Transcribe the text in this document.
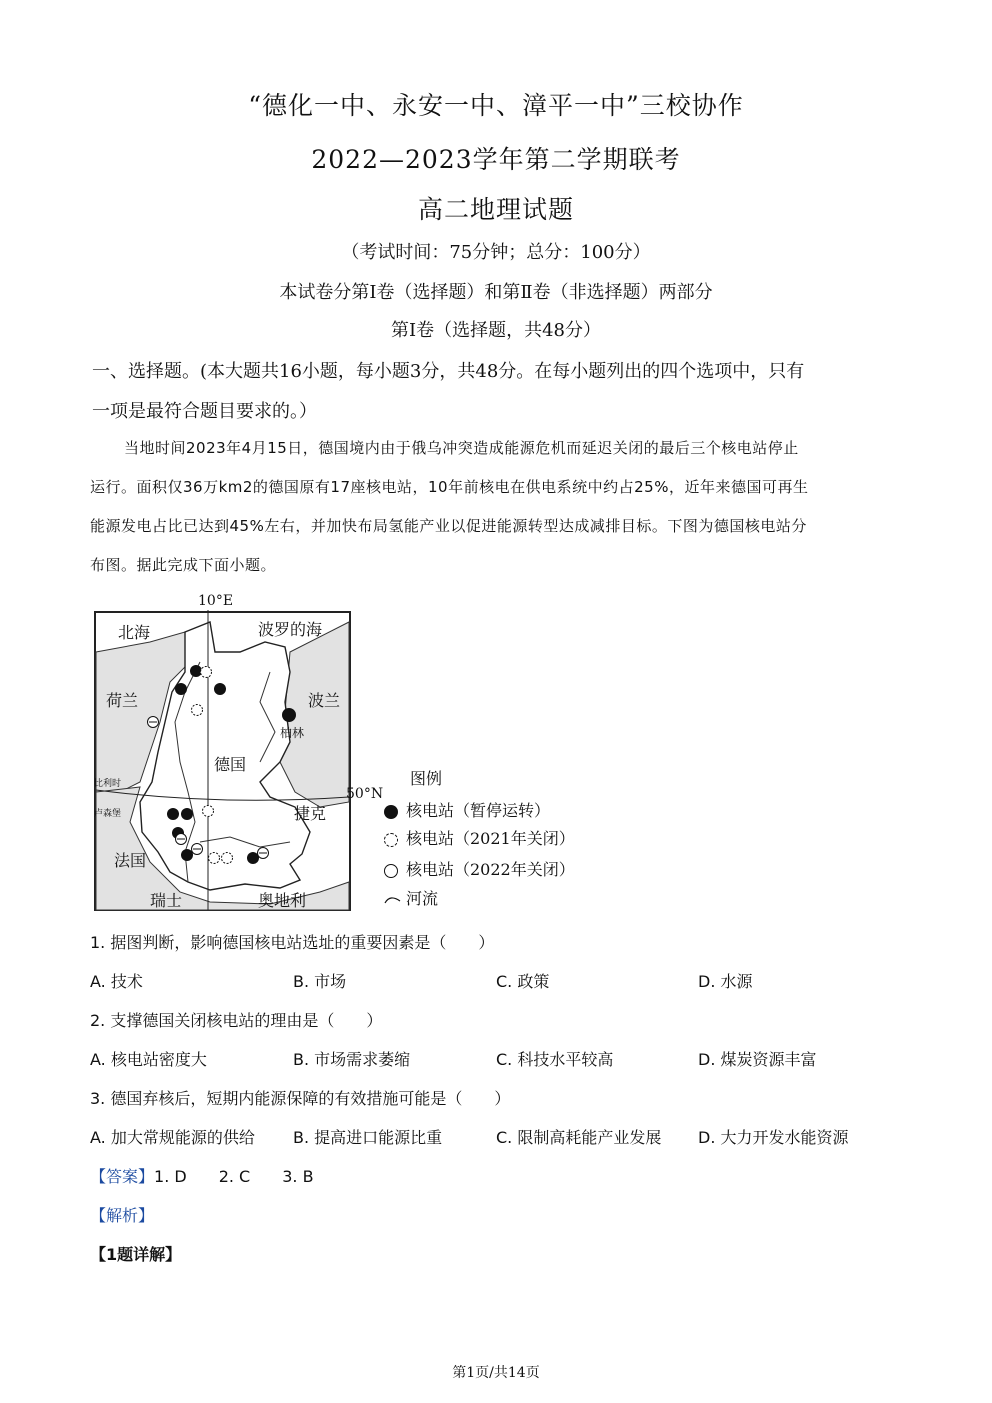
“德化一中、永安一中、漳平一中”三校协作
2022—2023学年第二学期联考
高二地理试题
（考试时间：75分钟；总分：100分）
本试卷分第Ⅰ卷（选择题）和第Ⅱ卷（非选择题）两部分
第Ⅰ卷（选择题，共48分）
一、选择题。(本大题共16小题，每小题3分，共48分。在每小题列出的四个选项中，只有
一项是最符合题目要求的。）
当地时间2023年4月15日，德国境内由于俄乌冲突造成能源危机而延迟关闭的最后三个核电站停止
运行。面积仅36万km2的德国原有17座核电站，10年前核电在供电系统中约占25%，近年来德国可再生
能源发电占比已达到45%左右，并加快布局氢能产业以促进能源转型达成减排目标。下图为德国核电站分
布图。据此完成下面小题。
10°E
北海	波罗的海
荷兰	波兰
柏林
德国
比利时
卢森堡	捷克
法国
瑞士	奥地利
50°N
图例
核电站（暂停运转）
核电站（2021年关闭）
核电站（2022年关闭）
河流
1. 据图判断，影响德国核电站选址的重要因素是（　　）
A. 技术	B. 市场	C. 政策	D. 水源
2. 支撑德国关闭核电站的理由是（　　）
A. 核电站密度大	B. 市场需求萎缩	C. 科技水平较高	D. 煤炭资源丰富
3. 德国弃核后，短期内能源保障的有效措施可能是（　　）
A. 加大常规能源的供给 B. 提高进口能源比重	C. 限制高耗能产业发展 D. 大力开发水能资源
【答案】1. D　　2. C　　3. B
【解析】
【1题详解】
第1页/共14页
